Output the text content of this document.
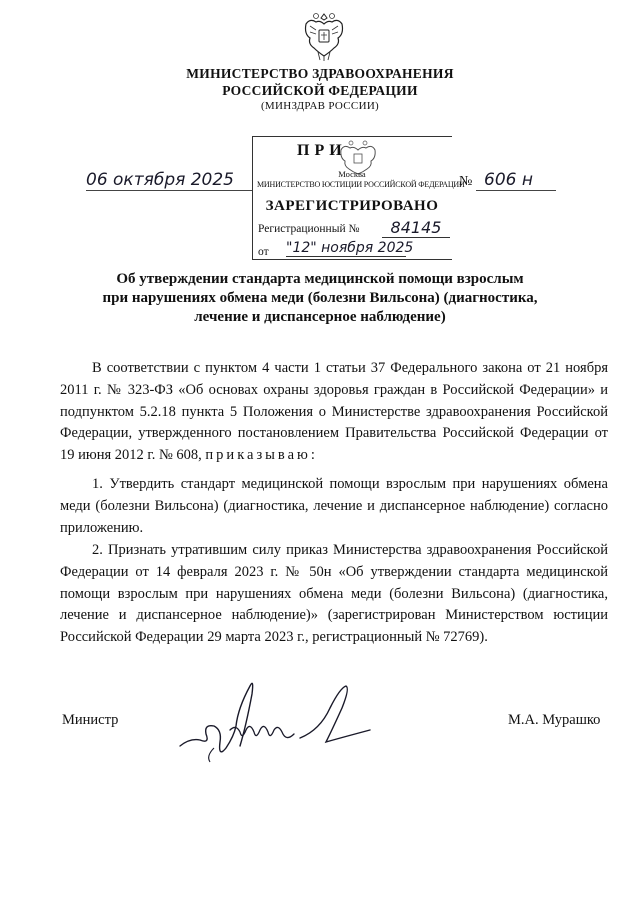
МИНИСТЕРСТВО ЗДРАВООХРАНЕНИЯ
РОССИЙСКОЙ ФЕДЕРАЦИИ
(МИНЗДРАВ РОССИИ)
ПРИ
Москва
МИНИСТЕРСТВО ЮСТИЦИИ РОССИЙСКОЙ ФЕДЕРАЦИИ
ЗАРЕГИСТРИРОВАНО
Регистрационный №	84145
от "12" ноября 2025
06 октября 2025	№ 606 н
Об утверждении стандарта медицинской помощи взрослым
при нарушениях обмена меди (болезни Вильсона) (диагностика,
лечение и диспансерное наблюдение)
В соответствии с пунктом 4 части 1 статьи 37 Федерального закона от 21 ноября 2011 г. № 323-ФЗ «Об основах охраны здоровья граждан в Российской Федерации» и подпунктом 5.2.18 пункта 5 Положения о Министерстве здравоохранения Российской Федерации, утвержденного постановлением Правительства Российской Федерации от 19 июня 2012 г. № 608, приказываю:
1. Утвердить стандарт медицинской помощи взрослым при нарушениях обмена меди (болезни Вильсона) (диагностика, лечение и диспансерное наблюдение) согласно приложению.
2. Признать утратившим силу приказ Министерства здравоохранения Российской Федерации от 14 февраля 2023 г. № 50н «Об утверждении стандарта медицинской помощи взрослым при нарушениях обмена меди (болезни Вильсона) (диагностика, лечение и диспансерное наблюдение)» (зарегистрирован Министерством юстиции Российской Федерации 29 марта 2023 г., регистрационный № 72769).
Министр	М.А. Мурашко
